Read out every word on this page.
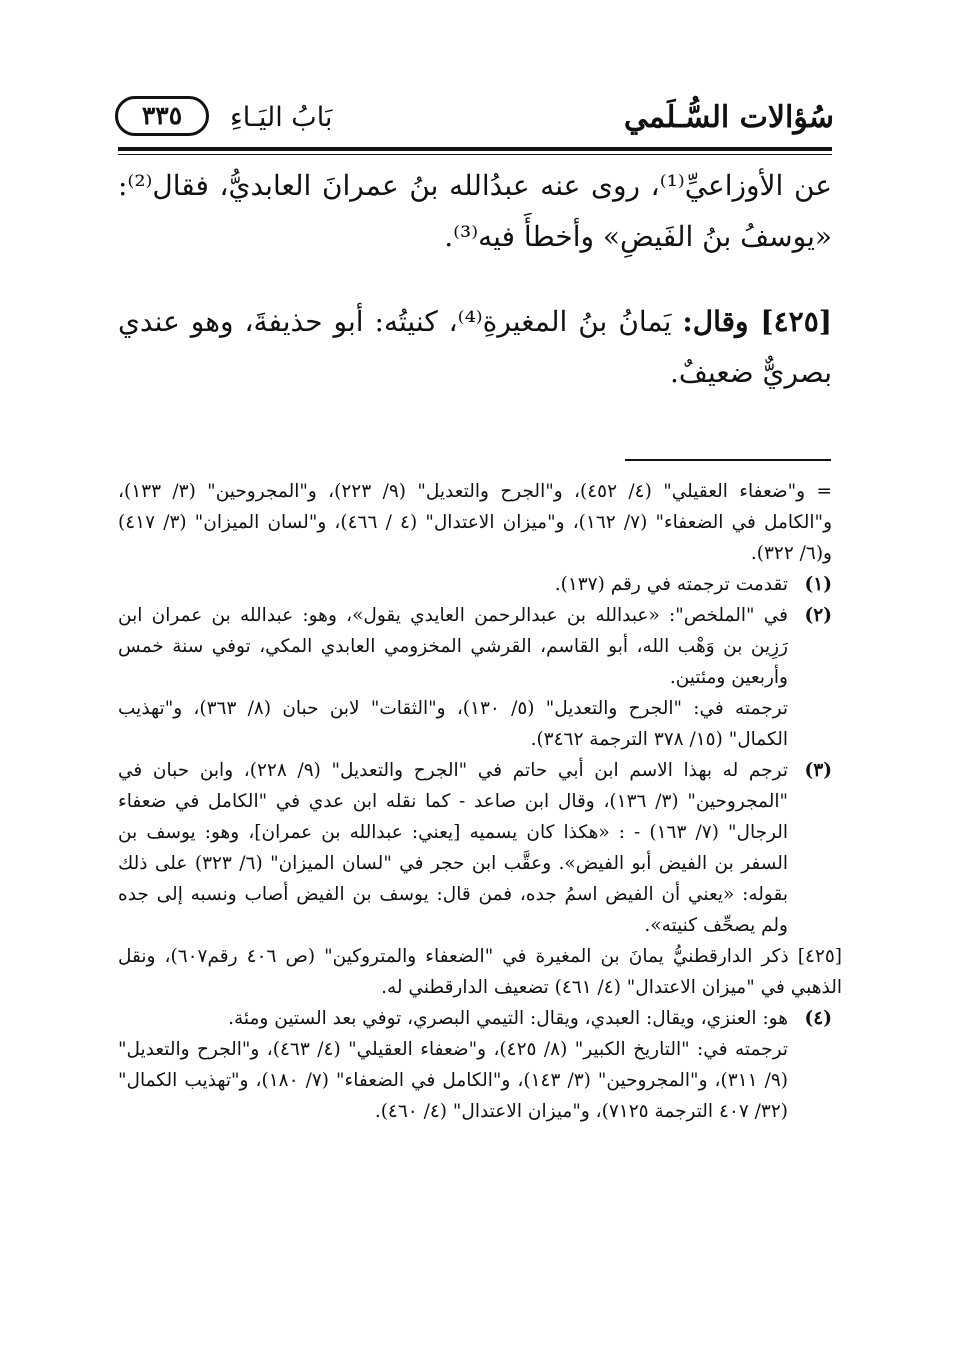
سُؤالات السُّـلَمي
بَابُ اليَـاءِ
٣٣٥

عن الأوزاعيِّ⁽¹⁾، روى عنه عبدُالله بنُ عمرانَ العابديُّ، فقال⁽²⁾: «يوسفُ بنُ الفَيضِ» وأخطأَ فيه⁽³⁾.

[٤٢٥] وقال: يَمانُ بنُ المغيرةِ⁽⁴⁾، كنيتُه: أبو حذيفةَ، وهو عندي بصريٌّ ضعيفٌ.

= و"ضعفاء العقيلي" (٤/ ٤٥٢)، و"الجرح والتعديل" (٩/ ٢٢٣)، و"المجروحين" (٣/ ١٣٣)، و"الكامل في الضعفاء" (٧/ ١٦٢)، و"ميزان الاعتدال" (٤ / ٤٦٦)، و"لسان الميزان" (٣/ ٤١٧) و(٦/ ٣٢٢).
(١)
تقدمت ترجمته في رقم (١٣٧).
(٢)
في "الملخص": «عبدالله بن عبدالرحمن العايدي يقول»، وهو: عبدالله بن عمران ابن رَزِين بن وَهْب الله، أبو القاسم، القرشي المخزومي العابدي المكي، توفي سنة خمس وأربعين ومئتين.
ترجمته في: "الجرح والتعديل" (٥/ ١٣٠)، و"الثقات" لابن حبان (٨/ ٣٦٣)، و"تهذيب الكمال" (١٥/ ٣٧٨ الترجمة ٣٤٦٢).
(٣)
ترجم له بهذا الاسم ابن أبي حاتم في "الجرح والتعديل" (٩/ ٢٢٨)، وابن حبان في "المجروحين" (٣/ ١٣٦)، وقال ابن صاعد - كما نقله ابن عدي في "الكامل في ضعفاء الرجال" (٧/ ١٦٣) - : «هكذا كان يسميه [يعني: عبدالله بن عمران]، وهو: يوسف بن السفر بن الفيض أبو الفيض». وعقَّب ابن حجر في "لسان الميزان" (٦/ ٣٢٣) على ذلك بقوله: «يعني أن الفيض اسمُ جده، فمن قال: يوسف بن الفيض أصاب ونسبه إلى جده ولم يصحِّف كنيته».
[٤٢٥] ذكر الدارقطنيُّ يمانَ بن المغيرة في "الضعفاء والمتروكين" (ص ٤٠٦ رقم٦٠٧)، ونقل الذهبي في "ميزان الاعتدال" (٤/ ٤٦١) تضعيف الدارقطني له.
(٤)
هو: العنزي، ويقال: العبدي، ويقال: التيمي البصري، توفي بعد الستين ومئة.
ترجمته في: "التاريخ الكبير" (٨/ ٤٢٥)، و"ضعفاء العقيلي" (٤/ ٤٦٣)، و"الجرح والتعديل" (٩/ ٣١١)، و"المجروحين" (٣/ ١٤٣)، و"الكامل في الضعفاء" (٧/ ١٨٠)، و"تهذيب الكمال" (٣٢/ ٤٠٧ الترجمة ٧١٢٥)، و"ميزان الاعتدال" (٤/ ٤٦٠).
